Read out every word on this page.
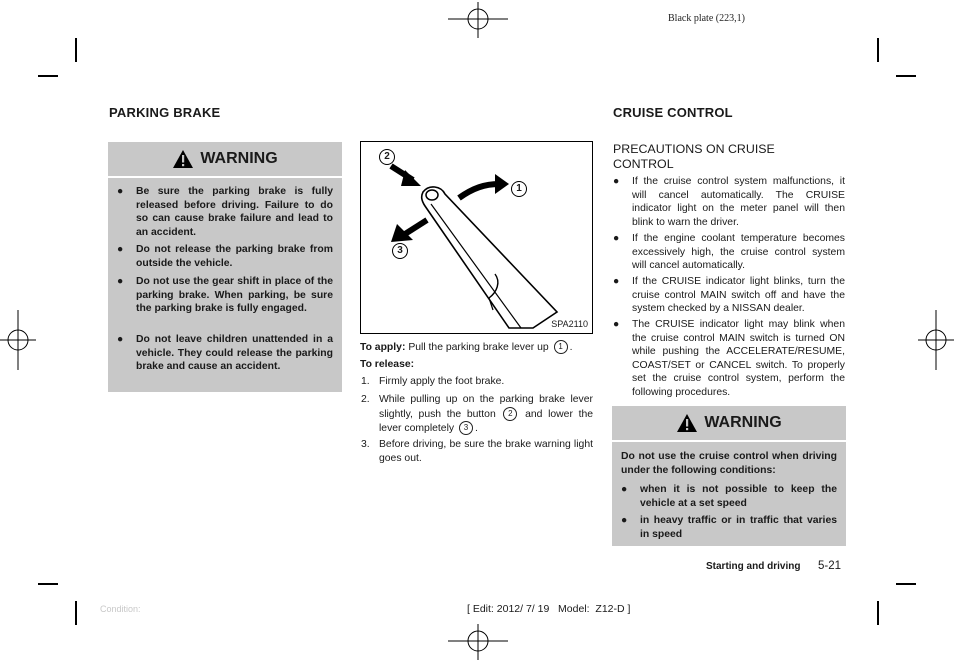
Black plate (223,1)
PARKING BRAKE
WARNING
● Be sure the parking brake is fully released before driving. Failure to do so can cause brake failure and lead to an accident.
● Do not release the parking brake from outside the vehicle.
● Do not use the gear shift in place of the parking brake. When parking, be sure the parking brake is fully engaged.
● Do not leave children unattended in a vehicle. They could release the parking brake and cause an accident.
2
1
3
SPA2110
To apply: Pull the parking brake lever up 1 .
To release:
1. Firmly apply the foot brake.
2. While pulling up on the parking brake lever slightly, push the button 2 and lower the lever completely 3 .
3. Before driving, be sure the brake warning light goes out.
CRUISE CONTROL
PRECAUTIONS ON CRUISE CONTROL
● If the cruise control system malfunctions, it will cancel automatically. The CRUISE indicator light on the meter panel will then blink to warn the driver.
● If the engine coolant temperature becomes excessively high, the cruise control system will cancel automatically.
● If the CRUISE indicator light blinks, turn the cruise control MAIN switch off and have the system checked by a NISSAN dealer.
● The CRUISE indicator light may blink when the cruise control MAIN switch is turned ON while pushing the ACCELERATE/RESUME, COAST/SET or CANCEL switch. To properly set the cruise control system, perform the following procedures.
WARNING
Do not use the cruise control when driving under the following conditions:
● when it is not possible to keep the vehicle at a set speed
● in heavy traffic or in traffic that varies in speed
Starting and driving 5-21
Condition:	[ Edit: 2012/ 7/ 19   Model:  Z12-D ]
